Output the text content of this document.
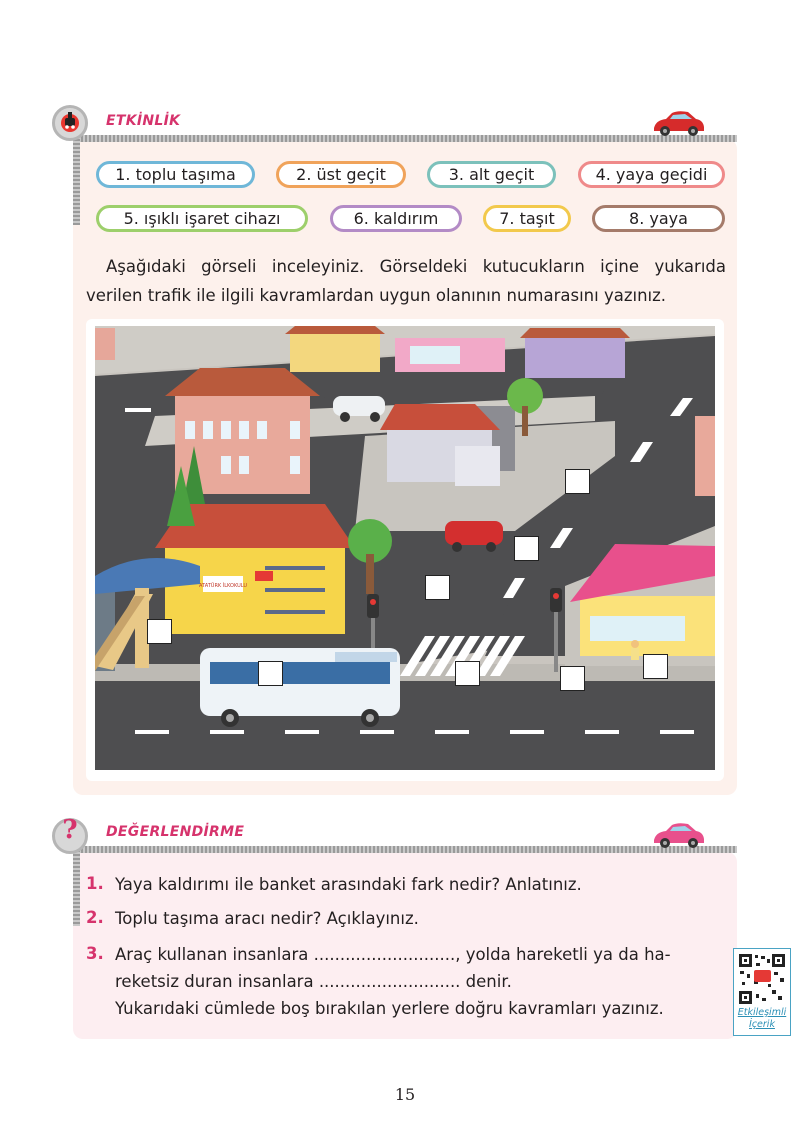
ETKİNLİK
1. toplu taşıma	2. üst geçit	3. alt geçit	4. yaya geçidi
5. ışıklı işaret cihazı	6. kaldırım	7. taşıt	8. yaya

Aşağıdaki görseli inceleyiniz. Görseldeki kutucukların içine yukarıda verilen trafik ile ilgili kavramlardan uygun olanının numarasını yazınız.

ATATÜRK İLKOKULU
?	DEĞERLENDİRME
1. Yaya kaldırımı ile banket arasındaki fark nedir? Anlatınız.
2. Toplu taşıma aracı nedir? Açıklayınız.
3. Araç kullanan insanlara ..........................., yolda hareketli ya da ha-
reketsiz duran insanlara ........................... denir.
Yukarıdaki cümlede boş bırakılan yerlere doğru kavramları yazınız.	Etkileşimli
İçerik
15
